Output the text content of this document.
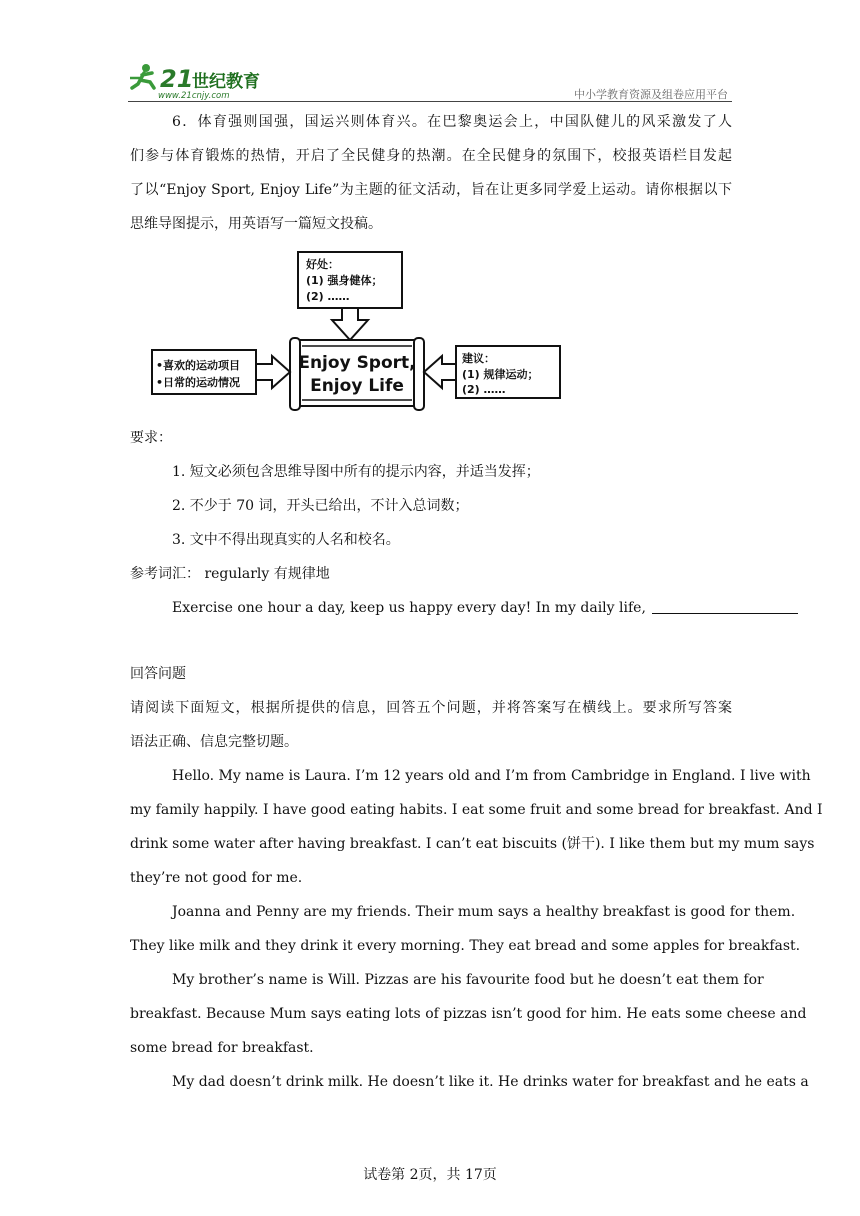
21
世纪教育
www.21cnjy.com	中小学教育资源及组卷应用平台
6．体育强则国强，国运兴则体育兴。在巴黎奥运会上，中国队健儿的风采激发了人
们参与体育锻炼的热情，开启了全民健身的热潮。在全民健身的氛围下，校报英语栏目发起
了以“Enjoy Sport, Enjoy Life”为主题的征文活动，旨在让更多同学爱上运动。请你根据以下
思维导图提示，用英语写一篇短文投稿。
好处：
(1) 强身健体；
(2) ……
Enjoy Sport,
Enjoy Life
•喜欢的运动项目
•日常的运动情况
建议：
(1) 规律运动；
(2) ……
要求：
1. 短文必须包含思维导图中所有的提示内容，并适当发挥；
2. 不少于 70 词，开头已给出，不计入总词数；
3. 文中不得出现真实的人名和校名。
参考词汇： regularly 有规律地
Exercise one hour a day, keep us happy every day! In my daily life,
回答问题
请阅读下面短文，根据所提供的信息，回答五个问题，并将答案写在横线上。要求所写答案
语法正确、信息完整切题。
Hello. My name is Laura. I’m 12 years old and I’m from Cambridge in England. I live with
my family happily. I have good eating habits. I eat some fruit and some bread for breakfast. And I
drink some water after having breakfast. I can’t eat biscuits (饼干). I like them but my mum says
they’re not good for me.
Joanna and Penny are my friends. Their mum says a healthy breakfast is good for them.
They like milk and they drink it every morning. They eat bread and some apples for breakfast.
My brother’s name is Will. Pizzas are his favourite food but he doesn’t eat them for
breakfast. Because Mum says eating lots of pizzas isn’t good for him. He eats some cheese and
some bread for breakfast.
My dad doesn’t drink milk. He doesn’t like it. He drinks water for breakfast and he eats a
试卷第 2页，共 17页
